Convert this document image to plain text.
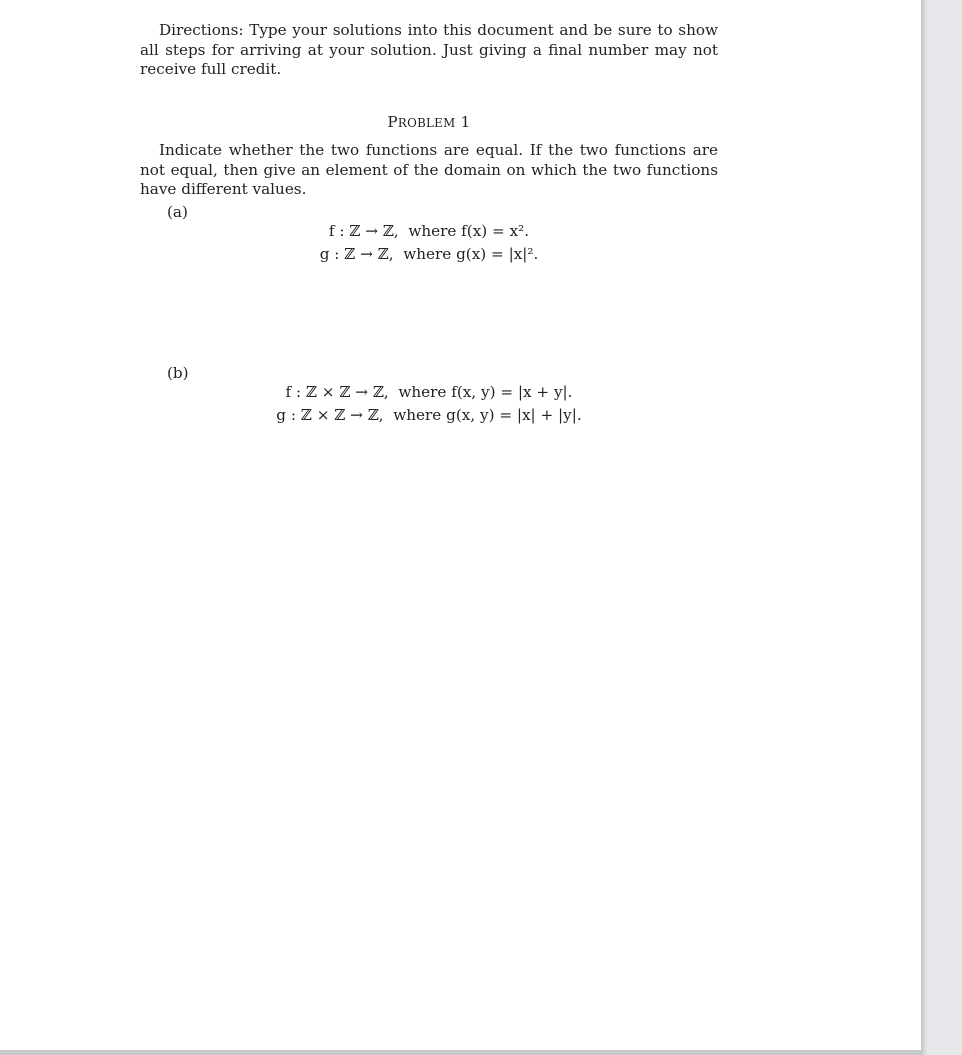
Directions: Type your solutions into this document and be sure to show all steps for arriving at your solution. Just giving a final number may not receive full credit.
PROBLEM 1
Indicate whether the two functions are equal. If the two functions are not equal, then give an element of the domain on which the two functions have different values.
(a)
f : ℤ → ℤ,  where f(x) = x².
g : ℤ → ℤ,  where g(x) = |x|².
(b)
f : ℤ × ℤ → ℤ,  where f(x, y) = |x + y|.
g : ℤ × ℤ → ℤ,  where g(x, y) = |x| + |y|.
